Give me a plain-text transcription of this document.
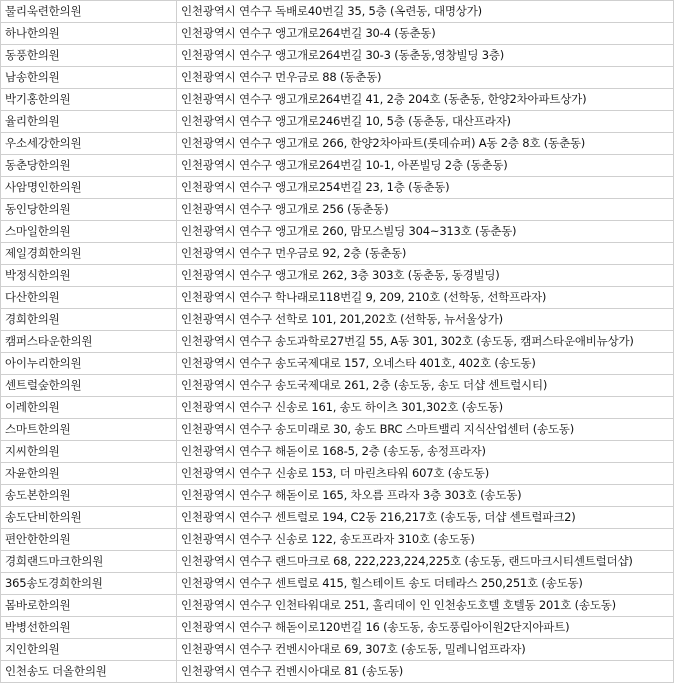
물리욱련한의원	인천광역시 연수구 독배로40번길 35, 5층 (옥련동, 대명상가)
하나한의원	인천광역시 연수구 앵고개로264번길 30-4 (동춘동)
동풍한의원	인천광역시 연수구 앵고개로264번길 30-3 (동춘동,영창빌딩 3층)
남송한의원	인천광역시 연수구 먼우금로 88 (동춘동)
박기홍한의원	인천광역시 연수구 앵고개로264번길 41, 2층 204호 (동춘동, 한양2차아파트상가)
율리한의원	인천광역시 연수구 앵고개로246번길 10, 5층 (동춘동, 대산프라자)
우소세강한의원	인천광역시 연수구 앵고개로 266, 한양2차아파트(롯데슈퍼) A동 2층 8호 (동춘동)
동춘당한의원	인천광역시 연수구 앵고개로264번길 10-1, 아폰빌딩 2층 (동춘동)
사암명인한의원	인천광역시 연수구 앵고개로254번길 23, 1층 (동춘동)
동인당한의원	인천광역시 연수구 앵고개로 256 (동춘동)
스마일한의원	인천광역시 연수구 앵고개로 260, 맘모스빌딩 304~313호 (동춘동)
제일경희한의원	인천광역시 연수구 먼우금로 92, 2층 (동춘동)
박정식한의원	인천광역시 연수구 앵고개로 262, 3층 303호 (동춘동, 동경빌딩)
다산한의원	인천광역시 연수구 학나래로118번길 9, 209, 210호 (선학동, 선학프라자)
경희한의원	인천광역시 연수구 선학로 101, 201,202호 (선학동, 뉴서울상가)
캠퍼스타운한의원	인천광역시 연수구 송도과학로27번길 55, A동 301, 302호 (송도동, 캠퍼스타운애비뉴상가)
아이누리한의원	인천광역시 연수구 송도국제대로 157, 오네스타 401호, 402호 (송도동)
센트럴숲한의원	인천광역시 연수구 송도국제대로 261, 2층 (송도동, 송도 더샵 센트럴시티)
이레한의원	인천광역시 연수구 신송로 161, 송도 하이츠 301,302호 (송도동)
스마트한의원	인천광역시 연수구 송도미래로 30, 송도 BRC 스마트밸리 지식산업센터 (송도동)
지씨한의원	인천광역시 연수구 해돋이로 168-5, 2층 (송도동, 송정프라자)
자윤한의원	인천광역시 연수구 신송로 153, 더 마린츠타워 607호 (송도동)
송도본한의원	인천광역시 연수구 해돋이로 165, 차오름 프라자 3층 303호 (송도동)
송도단비한의원	인천광역시 연수구 센트럴로 194, C2동 216,217호 (송도동, 더샵 센트럴파크2)
편안한한의원	인천광역시 연수구 신송로 122, 송도프라자 310호 (송도동)
경희랜드마크한의원	인천광역시 연수구 랜드마크로 68, 222,223,224,225호 (송도동, 랜드마크시티센트럴더샵)
365송도경희한의원	인천광역시 연수구 센트럴로 415, 힐스테이트 송도 더테라스 250,251호 (송도동)
몸바로한의원	인천광역시 연수구 인천타워대로 251, 홀리데이 인 인천송도호텔 호텔동 201호 (송도동)
박병선한의원	인천광역시 연수구 해돋이로120번길 16 (송도동, 송도풍림아이원2단지아파트)
지인한의원	인천광역시 연수구 컨벤시아대로 69, 307호 (송도동, 밀레니엄프라자)
인천송도 더올한의원	인천광역시 연수구 컨벤시아대로 81 (송도동)
